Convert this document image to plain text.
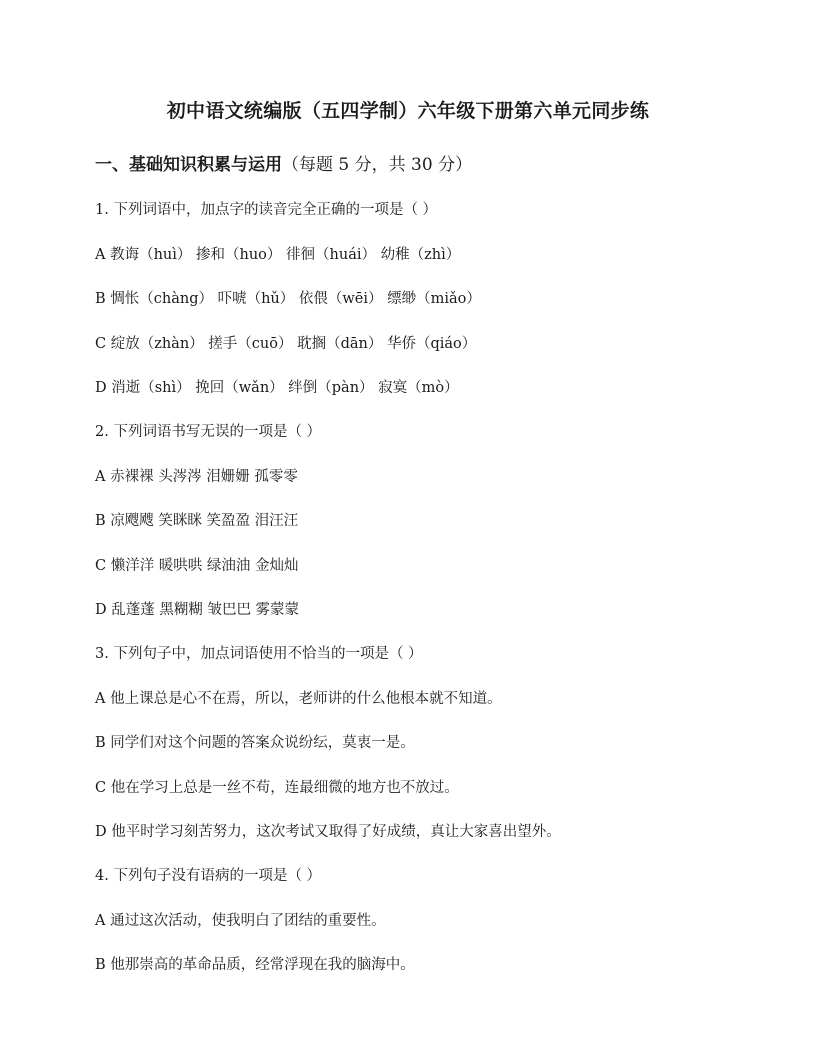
初中语文统编版（五四学制）六年级下册第六单元同步练
一、基础知识积累与运用（每题 5 分，共 30 分）
1. 下列词语中，加点字的读音完全正确的一项是（ ）
A 教诲（huì） 掺和（huo） 徘徊（huái） 幼稚（zhì）
B 惆怅（chàng） 吓唬（hǔ） 依偎（wēi） 缥缈（miǎo）
C 绽放（zhàn） 搓手（cuō） 耽搁（dān） 华侨（qiáo）
D 消逝（shì） 挽回（wǎn） 绊倒（pàn） 寂寞（mò）
2. 下列词语书写无误的一项是（ ）
A 赤裸裸 头涔涔 泪姗姗 孤零零
B 凉飕飕 笑眯眯 笑盈盈 泪汪汪
C 懒洋洋 暖哄哄 绿油油 金灿灿
D 乱蓬蓬 黑糊糊 皱巴巴 雾蒙蒙
3. 下列句子中，加点词语使用不恰当的一项是（ ）
A 他上课总是心不在焉，所以，老师讲的什么他根本就不知道。
B 同学们对这个问题的答案众说纷纭，莫衷一是。
C 他在学习上总是一丝不苟，连最细微的地方也不放过。
D 他平时学习刻苦努力，这次考试又取得了好成绩，真让大家喜出望外。
4. 下列句子没有语病的一项是（ ）
A 通过这次活动，使我明白了团结的重要性。
B 他那崇高的革命品质，经常浮现在我的脑海中。
